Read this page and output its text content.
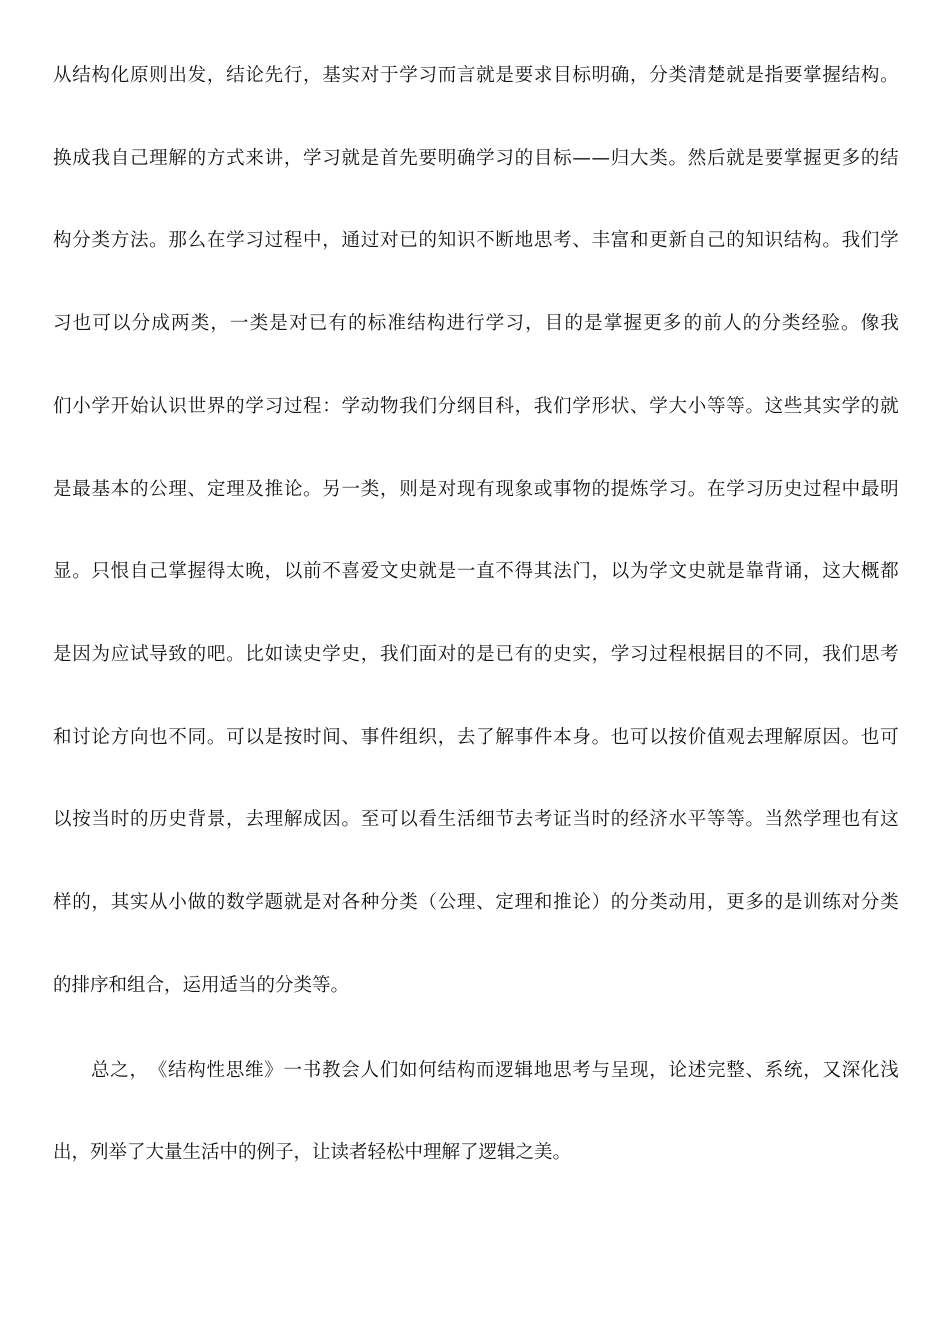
从 结 构 化 原 则 出 发 ， 结 论 先 行 ， 基 实 对 于 学 习 而 言 就 是 要 求 目 标 明 确 ， 分 类 清 楚 就 是 指 要 掌 握 结 构 。
换 成 我 自 己 理 解 的 方 式 来 讲 ， 学 习 就 是 首 先 要 明 确 学 习 的 目 标 — — 归 大 类 。 然 后 就 是 要 掌 握 更 多 的 结
构 分 类 方 法 。 那 么 在 学 习 过 程 中 ， 通 过 对 已 的 知 识 不 断 地 思 考 、 丰 富 和 更 新 自 己 的 知 识 结 构 。 我 们 学
习 也 可 以 分 成 两 类 ， 一 类 是 对 已 有 的 标 准 结 构 进 行 学 习 ， 目 的 是 掌 握 更 多 的 前 人 的 分 类 经 验 。 像 我
们 小 学 开 始 认 识 世 界 的 学 习 过 程 ： 学 动 物 我 们 分 纲 目 科 ， 我 们 学 形 状 、 学 大 小 等 等 。 这 些 其 实 学 的 就
是 最 基 本 的 公 理 、 定 理 及 推 论 。 另 一 类 ， 则 是 对 现 有 现 象 或 事 物 的 提 炼 学 习 。 在 学 习 历 史 过 程 中 最 明
显 。 只 恨 自 己 掌 握 得 太 晚 ， 以 前 不 喜 爱 文 史 就 是 一 直 不 得 其 法 门 ， 以 为 学 文 史 就 是 靠 背 诵 ， 这 大 概 都
是 因 为 应 试 导 致 的 吧 。 比 如 读 史 学 史 ， 我 们 面 对 的 是 已 有 的 史 实 ， 学 习 过 程 根 据 目 的 不 同 ， 我 们 思 考
和 讨 论 方 向 也 不 同 。 可 以 是 按 时 间 、 事 件 组 织 ， 去 了 解 事 件 本 身 。 也 可 以 按 价 值 观 去 理 解 原 因 。 也 可
以 按 当 时 的 历 史 背 景 ， 去 理 解 成 因 。 至 可 以 看 生 活 细 节 去 考 证 当 时 的 经 济 水 平 等 等 。 当 然 学 理 也 有 这
样 的 ， 其 实 从 小 做 的 数 学 题 就 是 对 各 种 分 类 （ 公 理 、 定 理 和 推 论 ） 的 分 类 动 用 ， 更 多 的 是 训 练 对 分 类
的排序和组合，运用适当的分类等。
总 之 ， 《 结 构 性 思 维 》 一 书 教 会 人 们 如 何 结 构 而 逻 辑 地 思 考 与 呈 现 ， 论 述 完 整 、 系 统 ， 又 深 化 浅
出，列举了大量生活中的例子，让读者轻松中理解了逻辑之美。
